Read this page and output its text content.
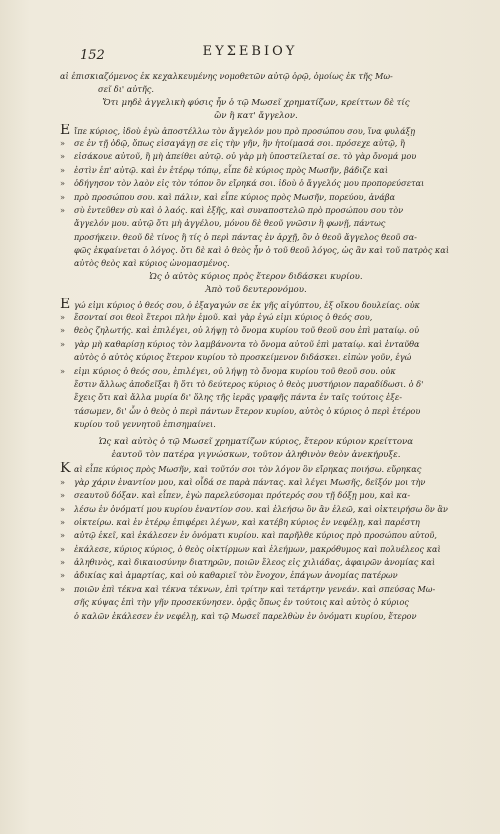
152	ΕΥΣΕΒΙΟΥ
αἱ ἐπισκιαζόμενος ἐκ κεχαλκευμένης νομοθετῶν αὐτῷ ὁρῷ, ὁμοίως ἐκ τῆς Μω-
σεῖ δι' αὐτῆς.
Ὅτι μηδὲ ἀγγελικὴ φύσις ἦν ὁ τῷ Μωσεῖ χρηματίζων, κρείττων δὲ τίς
ὢν ἢ κατ' ἄγγελον.
Εἴπε κύριος, ἰδοὺ ἐγὼ ἀποστέλλω τὸν ἄγγελόν μου πρὸ προσώπου σου, ἵνα φυλάξῃ
» σε ἐν τῇ ὁδῷ, ὅπως εἰσαγάγῃ σε εἰς τὴν γῆν, ἣν ἡτοίμασά σοι. πρόσεχε αὐτῷ, ἢ
» εἰσάκουε αὐτοῦ, ἢ μὴ ἀπείθει αὐτῷ. οὐ γὰρ μὴ ὑποστείλεταί σε. τὸ γὰρ ὄνομά μου
» ἐστὶν ἐπ' αὐτῷ. καὶ ἐν ἑτέρῳ τόπῳ, εἶπε δὲ κύριος πρὸς Μωσῆν, βάδιζε καὶ
» ὁδήγησον τὸν λαὸν εἰς τὸν τόπον ὃν εἴρηκά σοι. ἰδοὺ ὁ ἄγγελός μου προπορεύσεται
» πρὸ προσώπου σου. καὶ πάλιν, καὶ εἶπε κύριος πρὸς Μωσῆν, πορεύου, ἀνάβα
» σὺ ἐντεῦθεν σὺ καὶ ὁ λαός. καὶ ἑξῆς, καὶ συναποστελῶ πρὸ προσώπου σου τὸν
ἄγγελόν μου. αὐτῷ ὅτι μὴ ἀγγέλου, μόνου δὲ θεοῦ γνῶσιν ἢ φωνῇ, πάντως
προσήκειν. θεοῦ δὲ τίνος ἢ τίς ὁ περὶ πάντας ἐν ἀρχῇ, ὃν ὁ θεοῦ ἄγγελος θεοῦ σα-
φῶς ἐκφαίνεται ὁ λόγος. ὅτι δὲ καὶ ὁ θεὸς ἦν ὁ τοῦ θεοῦ λόγος, ὡς ἂν καὶ τοῦ πατρὸς καὶ
αὐτὸς θεὸς καὶ κύριος ὠνομασμένος.
Ὡς ὁ αὐτὸς κύριος πρὸς ἕτερον διδάσκει κυρίου.
Ἀπὸ τοῦ δευτερονόμου.
Εγώ εἰμι κύριος ὁ θεός σου, ὁ ἐξαγαγών σε ἐκ γῆς αἰγύπτου, ἐξ οἴκου δουλείας. οὐκ
» ἔσονταί σοι θεοὶ ἕτεροι πλὴν ἐμοῦ. καὶ γὰρ ἐγώ εἰμι κύριος ὁ θεός σου,
» θεὸς ζηλωτής. καὶ ἐπιλέγει, οὐ λήψῃ τὸ ὄνομα κυρίου τοῦ θεοῦ σου ἐπὶ ματαίῳ. οὐ
» γὰρ μὴ καθαρίσῃ κύριος τὸν λαμβάνοντα τὸ ὄνομα αὐτοῦ ἐπὶ ματαίῳ. καὶ ἐνταῦθα
αὐτὸς ὁ αὐτὸς κύριος ἕτερον κυρίου τὸ προσκείμενον διδάσκει. εἰπὼν γοῦν, ἐγώ
» εἰμι κύριος ὁ θεός σου, ἐπιλέγει, οὐ λήψῃ τὸ ὄνομα κυρίου τοῦ θεοῦ σου. οὐκ
ἔστιν ἄλλως ἀποδεῖξαι ἢ ὅτι τὸ δεύτερος κύριος ὁ θεὸς μυστήριον παραδίδωσι. ὁ δ'
ἔχεις ὅτι καὶ ἄλλα μυρία δι' ὅλης τῆς ἱερᾶς γραφῆς πάντα ἐν ταῖς τούτοις ἐξε-
τάσωμεν, δι' ὧν ὁ θεὸς ὁ περὶ πάντων ἕτερον κυρίου, αὐτὸς ὁ κύριος ὁ περὶ ἑτέρου
κυρίου τοῦ γεννητοῦ ἐπισημαίνει.
Ὡς καὶ αὐτὸς ὁ τῷ Μωσεῖ χρηματίζων κύριος, ἕτερον κύριον κρείττονα
ἑαυτοῦ τὸν πατέρα γιγνώσκων, τοῦτον ἀληθινὸν θεὸν ἀνεκήρυξε.
Καὶ εἶπε κύριος πρὸς Μωσῆν, καὶ τοῦτόν σοι τὸν λόγον ὃν εἴρηκας ποιήσω. εὕρηκας
» γὰρ χάριν ἐναντίον μου, καὶ οἶδά σε παρὰ πάντας. καὶ λέγει Μωσῆς, δεῖξόν μοι τὴν
» σεαυτοῦ δόξαν. καὶ εἶπεν, ἐγὼ παρελεύσομαι πρότερός σου τῇ δόξῃ μου, καὶ κα-
» λέσω ἐν ὀνόματί μου κυρίου ἐναντίον σου. καὶ ἐλεήσω ὃν ἂν ἐλεῶ, καὶ οἰκτειρήσω ὃν ἂν
» οἰκτείρω. καὶ ἐν ἑτέρῳ ἐπιφέρει λέγων, καὶ κατέβη κύριος ἐν νεφέλῃ, καὶ παρέστη
» αὐτῷ ἐκεῖ, καὶ ἐκάλεσεν ἐν ὀνόματι κυρίου. καὶ παρῆλθε κύριος πρὸ προσώπου αὐτοῦ,
» ἐκάλεσε, κύριος κύριος, ὁ θεὸς οἰκτίρμων καὶ ἐλεήμων, μακρόθυμος καὶ πολυέλεος καὶ
» ἀληθινὸς, καὶ δικαιοσύνην διατηρῶν, ποιῶν ἔλεος εἰς χιλιάδας, ἀφαιρῶν ἀνομίας καὶ
» ἀδικίας καὶ ἁμαρτίας, καὶ οὐ καθαριεῖ τὸν ἔνοχον, ἐπάγων ἀνομίας πατέρων
» ποιῶν ἐπὶ τέκνα καὶ τέκνα τέκνων, ἐπὶ τρίτην καὶ τετάρτην γενεάν. καὶ σπεύσας Μω-
σῆς κύψας ἐπὶ τὴν γῆν προσεκύνησεν. ὁρᾷς ὅπως ἐν τούτοις καὶ αὐτὸς ὁ κύριος
ὁ καλῶν ἐκάλεσεν ἐν νεφέλῃ, καὶ τῷ Μωσεῖ παρελθὼν ἐν ὀνόματι κυρίου, ἕτερον
